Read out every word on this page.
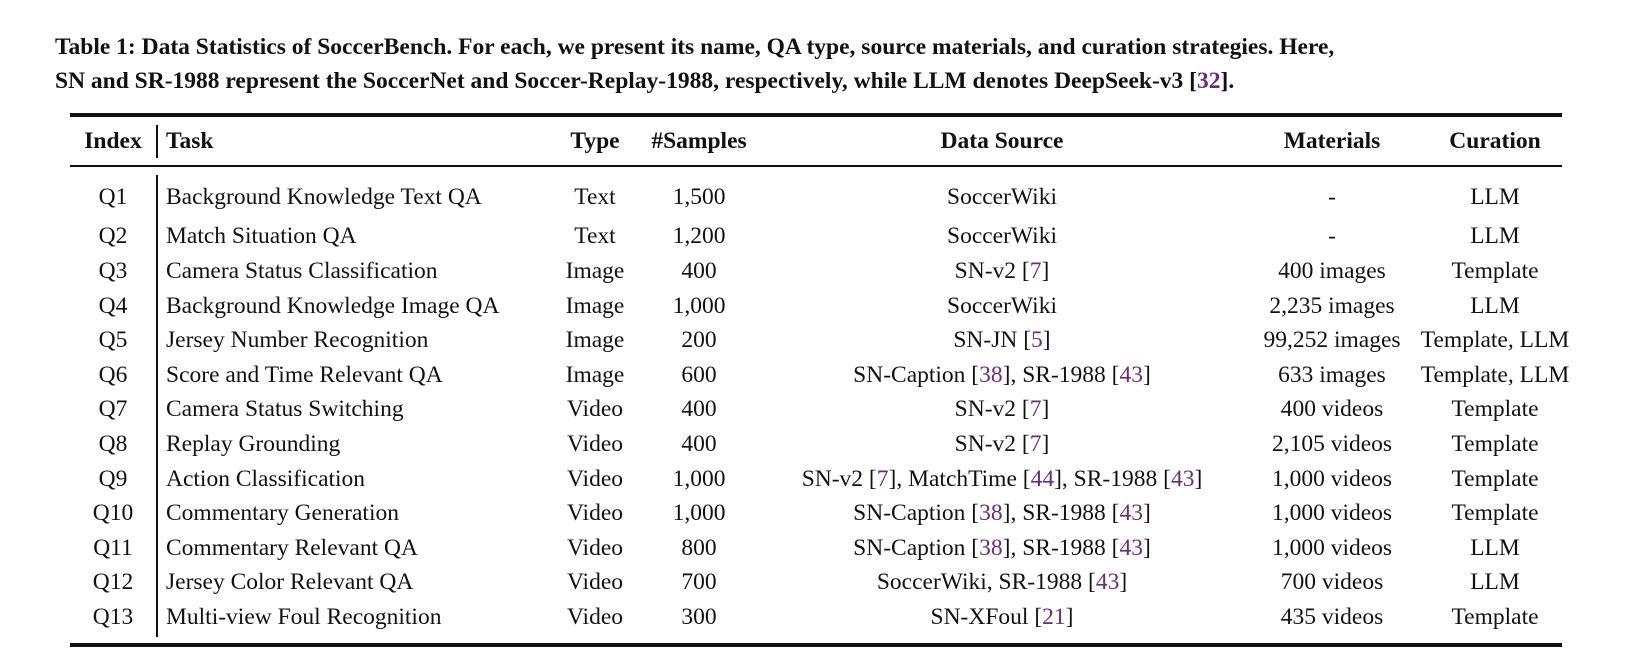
Table 1: Data Statistics of SoccerBench. For each, we present its name, QA type, source materials, and curation strategies. Here,
SN and SR-1988 represent the SoccerNet and Soccer-Replay-1988, respectively, while LLM denotes DeepSeek-v3 [32].
Index	Task	Type	#Samples	Data Source	Materials	Curation
Q1	Background Knowledge Text QA	Text	1,500	SoccerWiki	-	LLM
Q2	Match Situation QA	Text	1,200	SoccerWiki	-	LLM
Q3	Camera Status Classification	Image	400	SN-v2 [7]	400 images	Template
Q4	Background Knowledge Image QA	Image	1,000	SoccerWiki	2,235 images	LLM
Q5	Jersey Number Recognition	Image	200	SN-JN [5]	99,252 images	Template, LLM
Q6	Score and Time Relevant QA	Image	600	SN-Caption [38], SR-1988 [43]	633 images	Template, LLM
Q7	Camera Status Switching	Video	400	SN-v2 [7]	400 videos	Template
Q8	Replay Grounding	Video	400	SN-v2 [7]	2,105 videos	Template
Q9	Action Classification	Video	1,000	SN-v2 [7], MatchTime [44], SR-1988 [43]	1,000 videos	Template
Q10	Commentary Generation	Video	1,000	SN-Caption [38], SR-1988 [43]	1,000 videos	Template
Q11	Commentary Relevant QA	Video	800	SN-Caption [38], SR-1988 [43]	1,000 videos	LLM
Q12	Jersey Color Relevant QA	Video	700	SoccerWiki, SR-1988 [43]	700 videos	LLM
Q13	Multi-view Foul Recognition	Video	300	SN-XFoul [21]	435 videos	Template
